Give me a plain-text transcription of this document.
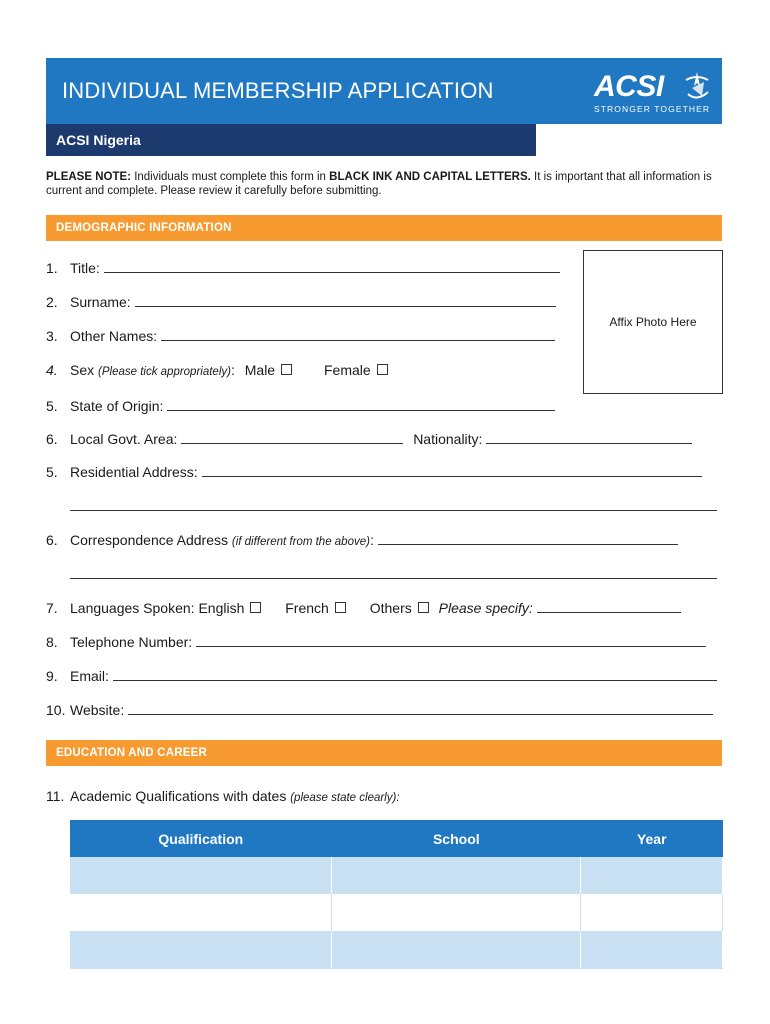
INDIVIDUAL MEMBERSHIP APPLICATION	ACSI
STRONGER TOGETHER
ACSI Nigeria
PLEASE NOTE: Individuals must complete this form in BLACK INK AND CAPITAL LETTERS. It is important that all information is current and complete. Please review it carefully before submitting.
DEMOGRAPHIC INFORMATION
Affix Photo Here
1. Title:
2. Surname:
3. Other Names:
4. Sex (Please tick appropriately): Male	Female
5. State of Origin:
6. Local Govt. Area:	Nationality:
5. Residential Address:
6. Correspondence Address (if different from the above):
7. Languages Spoken: English	French	Others Please specify:
8. Telephone Number:
9. Email:
10. Website:
EDUCATION AND CAREER
11. Academic Qualifications with dates (please state clearly):
Qualification	School	Year
